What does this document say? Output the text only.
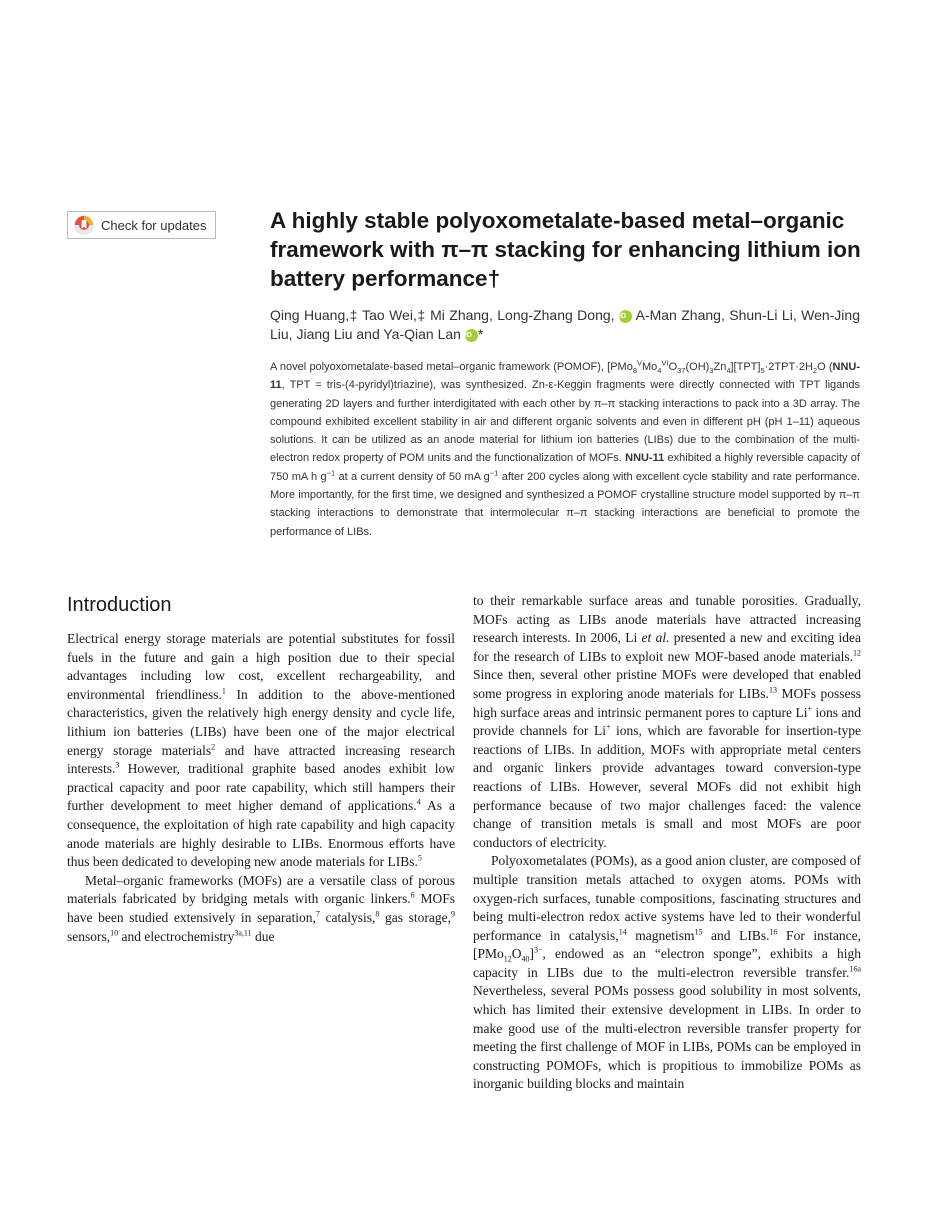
Check for updates	A highly stable polyoxometalate-based metal–organic framework with π–π stacking for enhancing lithium ion battery performance†

Qing Huang,‡ Tao Wei,‡ Mi Zhang, Long-Zhang Dong, iD A-Man Zhang, Shun-Li Li, Wen-Jing Liu, Jiang Liu and Ya-Qian Lan iD *

A novel polyoxometalate-based metal–organic framework (POMOF), $[PMo_8^VMo_4^{VI}O_{37}(OH)_3Zn_4][TPT]_5\cdot 2TPT\cdot 2H_2O$ (NNU-11, TPT = tris-(4-pyridyl)triazine), was synthesized. Zn-ε-Keggin fragments were directly connected with TPT ligands generating 2D layers and further interdigitated with each other by π–π stacking interactions to pack into a 3D array. The compound exhibited excellent stability in air and different organic solvents and even in different pH (pH 1–11) aqueous solutions. It can be utilized as an anode material for lithium ion batteries (LIBs) due to the combination of the multi-electron redox property of POM units and the functionalization of MOFs. NNU-11 exhibited a highly reversible capacity of 750 mA h $g^{-1}$ at a current density of 50 mA $g^{-1}$ after 200 cycles along with excellent cycle stability and rate performance. More importantly, for the first time, we designed and synthesized a POMOF crystalline structure model supported by π–π stacking interactions to demonstrate that intermolecular π–π stacking interactions are beneficial to promote the performance of LIBs.

Introduction

Electrical energy storage materials are potential substitutes for fossil fuels in the future and gain a high position due to their special advantages including low cost, excellent rechargeability, and environmental friendliness.$^1$ In addition to the above-mentioned characteristics, given the relatively high energy density and cycle life, lithium ion batteries (LIBs) have been one of the major electrical energy storage materials$^2$ and have attracted increasing research interests.$^3$ However, traditional graphite based anodes exhibit low practical capacity and poor rate capability, which still hampers their further development to meet higher demand of applications.$^4$ As a consequence, the exploitation of high rate capability and high capacity anode materials are highly desirable to LIBs. Enormous efforts have thus been dedicated to developing new anode materials for LIBs.$^5$

Metal–organic frameworks (MOFs) are a versatile class of porous materials fabricated by bridging metals with organic linkers.$^6$ MOFs have been studied extensively in separation,$^7$ catalysis,$^8$ gas storage,$^9$ sensors,$^{10}$ and electrochemistry$^{3a,11}$ due

to their remarkable surface areas and tunable porosities. Gradually, MOFs acting as LIBs anode materials have attracted increasing research interests. In 2006, Li et al. presented a new and exciting idea for the research of LIBs to exploit new MOF-based anode materials.$^{12}$ Since then, several other pristine MOFs were developed that enabled some progress in exploring anode materials for LIBs.$^{13}$ MOFs possess high surface areas and intrinsic permanent pores to capture Li+ ions and provide channels for Li+ ions, which are favorable for insertion-type reactions of LIBs. In addition, MOFs with appropriate metal centers and organic linkers provide advantages toward conversion-type reactions of LIBs. However, several MOFs did not exhibit high performance because of two major challenges faced: the valence change of transition metals is small and most MOFs are poor conductors of electricity.

Polyoxometalates (POMs), as a good anion cluster, are composed of multiple transition metals attached to oxygen atoms. POMs with oxygen-rich surfaces, tunable compositions, fascinating structures and being multi-electron redox active systems have led to their wonderful performance in catalysis,$^{14}$ magnetism$^{15}$ and LIBs.$^{16}$ For instance, $[PMo_{12}O_{40}]^{3-}$, endowed as an “electron sponge”, exhibits a high capacity in LIBs due to the multi-electron reversible transfer.$^{16a}$ Nevertheless, several POMs possess good solubility in most solvents, which has limited their extensive development in LIBs. In order to make good use of the multi-electron reversible transfer property for meeting the first challenge of MOF in LIBs, POMs can be employed in constructing POMOFs, which is propitious to immobilize POMs as inorganic building blocks and maintain
